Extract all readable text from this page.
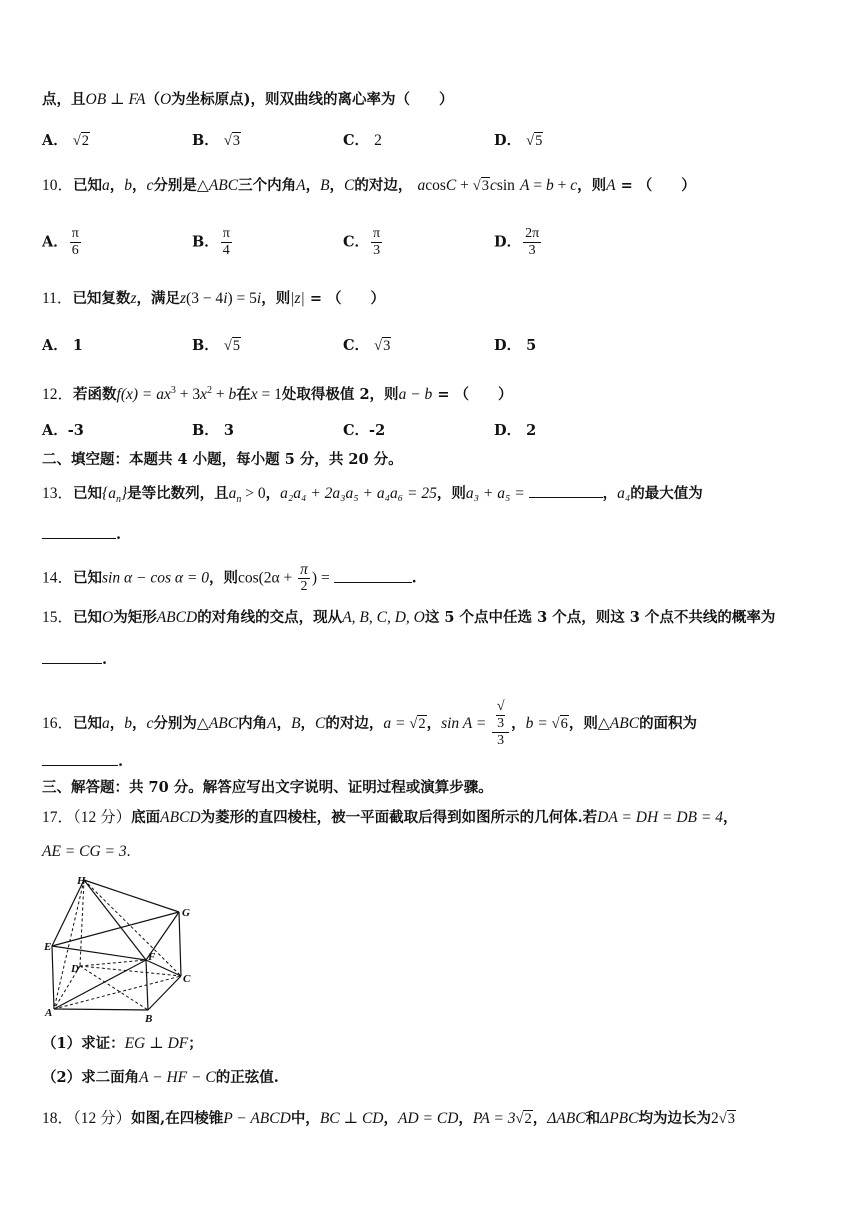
点，且OB ⊥ FA（O为坐标原点)，则双曲线的离心率为（　　）
A． √2	B． √3	C． 2	D． √5
10．已知a，b，c分别是△ABC三个内角A，B，C的对边， acosC + √3csin A = b + c，则A = （　　）
A． $\frac{\pi}{6}$	B． $\frac{\pi}{4}$	C． $\frac{\pi}{3}$	D． $\frac{2\pi}{3}$
11．已知复数z，满足z(3 − 4i) = 5i，则|z| = （　　）
A． 1	B． √5	C． √3	D． 5
12．若函数$f(x) = ax^3 + 3x^2 + b$在x = 1处取得极值 2，则a − b = （　　）
A．-3	B． 3	C．-2	D． 2
二、填空题：本题共 4 小题，每小题 5 分，共 20 分。
13．已知$\{a_n\}$是等比数列，且$a_n > 0$，a₂a₄ + 2a₃a₅ + a₄a₆ = 25，则a₃ + a₅ =	，a₄的最大值为
.
14．已知sin α − cos α = 0，则$\cos(2\alpha + \frac{\pi}{2}$ ) =	.
15．已知O为矩形ABCD的对角线的交点，现从A, B, C, D, O这 5 个点中任选 3 个点，则这 3 个点不共线的概率为
.
16．已知a，b，c分别为△ABC内角A，B，C的对边，a = √2，sin A = √
3
3 ，b = √6，则△ABC的面积为
.
三、解答题：共 70 分。解答应写出文字说明、证明过程或演算步骤。
17．（12 分）底面ABCD为菱形的直四棱柱，被一平面截取后得到如图所示的几何体.若DA = DH = DB = 4，
AE = CG = 3.
H
G
E
D
F
C
A	B
（1）求证：EG ⊥ DF；
（2）求二面角A − HF − C的正弦值.
18．（12 分）如图,在四棱锥P − ABCD中，BC ⊥ CD，AD = CD，PA = 3√2，ΔABC和ΔPBC均为边长为2√3
